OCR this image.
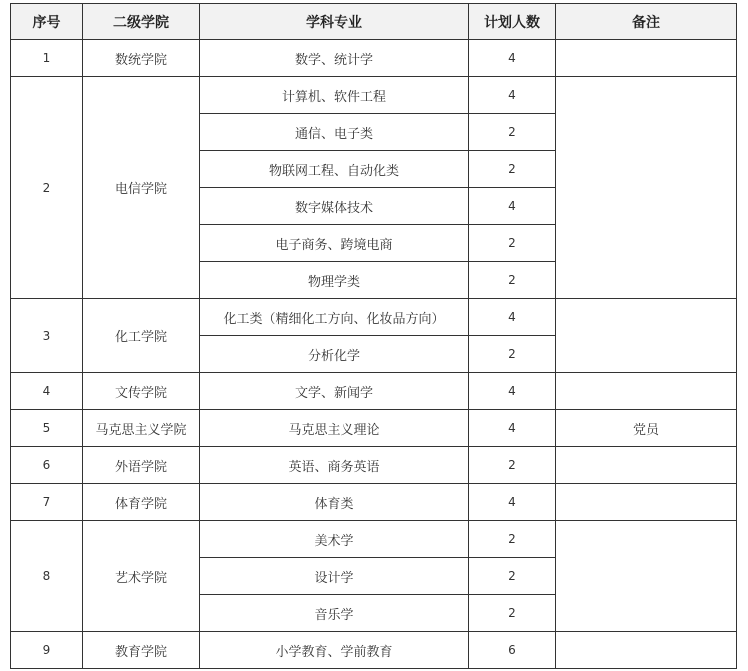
序号	二级学院	学科专业	计划人数	备注
1	数统学院	数学、统计学	4	
2	电信学院	计算机、软件工程	4	
		通信、电子类	2	
		物联网工程、自动化类	2	
		数字媒体技术	4	
		电子商务、跨境电商	2	
		物理学类	2	
3	化工学院	化工类（精细化工方向、化妆品方向）	4	
		分析化学	2	
4	文传学院	文学、新闻学	4	
5	马克思主义学院	马克思主义理论	4	党员
6	外语学院	英语、商务英语	2	
7	体育学院	体育类	4	
8	艺术学院	美术学	2	
		设计学	2	
		音乐学	2	
9	教育学院	小学教育、学前教育	6	
